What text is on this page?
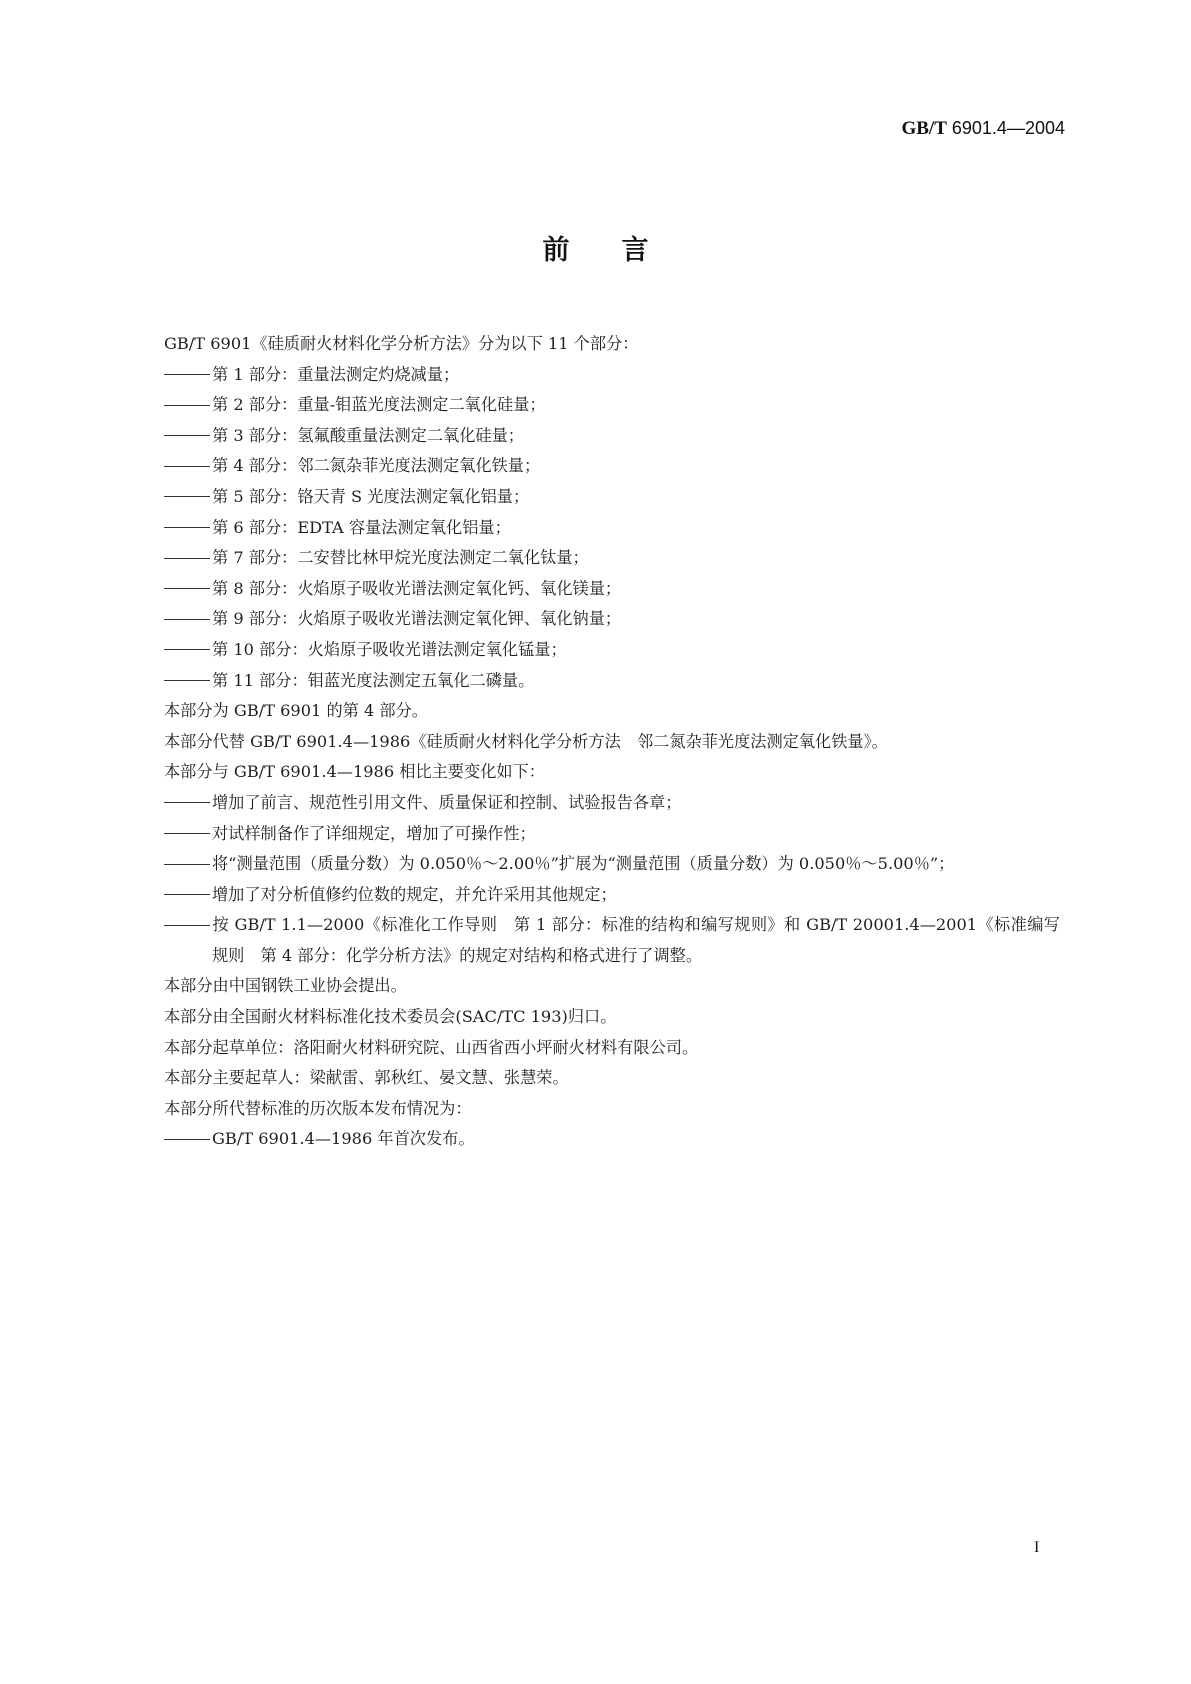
GB/T 6901.4—2004
前言

GB/T 6901《硅质耐火材料化学分析方法》分为以下 11 个部分：

第 1 部分：重量法测定灼烧减量；

第 2 部分：重量-钼蓝光度法测定二氧化硅量；

第 3 部分：氢氟酸重量法测定二氧化硅量；

第 4 部分：邻二氮杂菲光度法测定氧化铁量；

第 5 部分：铬天青 S 光度法测定氧化铝量；

第 6 部分：EDTA 容量法测定氧化铝量；

第 7 部分：二安替比林甲烷光度法测定二氧化钛量；

第 8 部分：火焰原子吸收光谱法测定氧化钙、氧化镁量；

第 9 部分：火焰原子吸收光谱法测定氧化钾、氧化钠量；

第 10 部分：火焰原子吸收光谱法测定氧化锰量；

第 11 部分：钼蓝光度法测定五氧化二磷量。

本部分为 GB/T 6901 的第 4 部分。

本部分代替 GB/T 6901.4—1986《硅质耐火材料化学分析方法　邻二氮杂菲光度法测定氧化铁量》。

本部分与 GB/T 6901.4—1986 相比主要变化如下：

增加了前言、规范性引用文件、质量保证和控制、试验报告各章；

对试样制备作了详细规定，增加了可操作性；

将“测量范围（质量分数）为 0.050％～2.00％”扩展为“测量范围（质量分数）为 0.050％～5.00％”；

增加了对分析值修约位数的规定，并允许采用其他规定；

按 GB/T 1.1—2000《标准化工作导则　第 1 部分：标准的结构和编写规则》和 GB/T 20001.4—2001《标准编写规则　第 4 部分：化学分析方法》的规定对结构和格式进行了调整。

本部分由中国钢铁工业协会提出。

本部分由全国耐火材料标准化技术委员会(SAC/TC 193)归口。

本部分起草单位：洛阳耐火材料研究院、山西省西小坪耐火材料有限公司。

本部分主要起草人：梁献雷、郭秋红、晏文慧、张慧荣。

本部分所代替标准的历次版本发布情况为：

GB/T 6901.4—1986 年首次发布。

I
